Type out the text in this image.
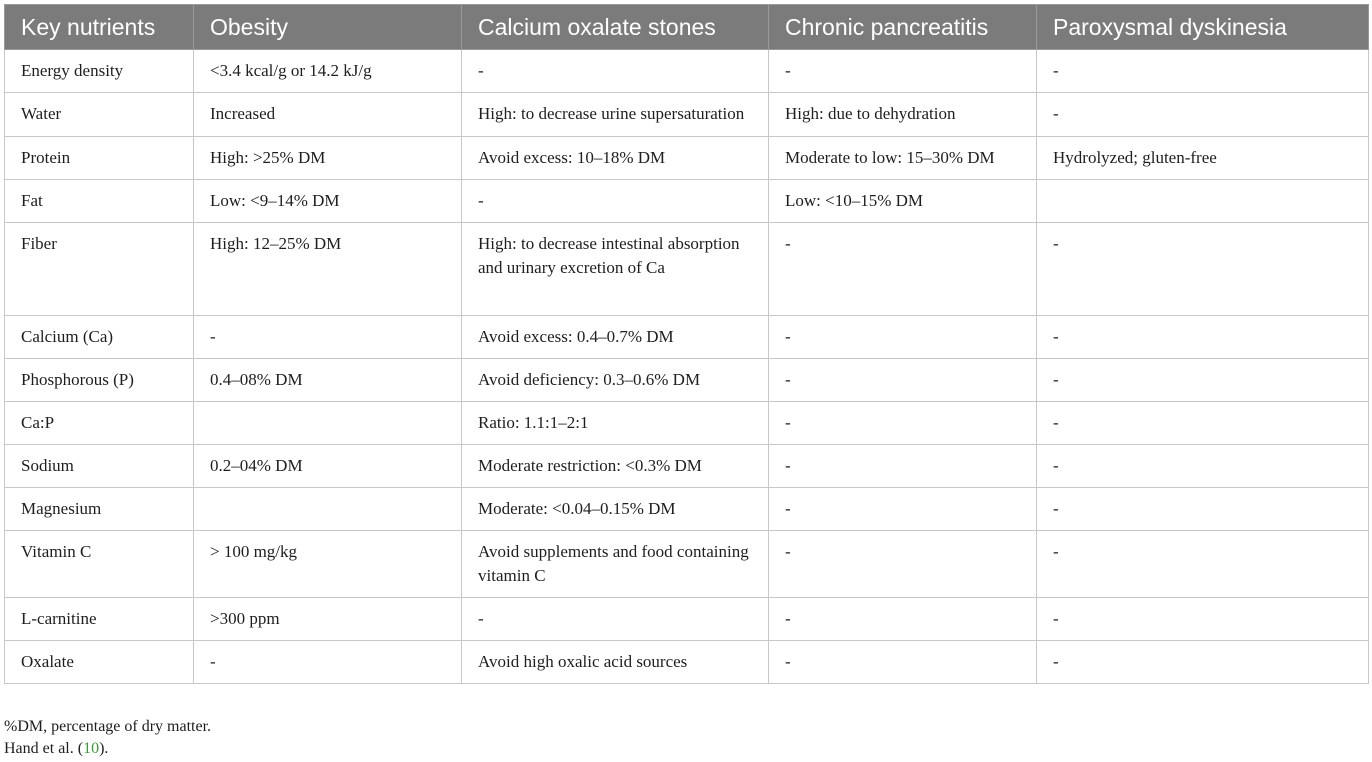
Key nutrients	Obesity	Calcium oxalate stones	Chronic pancreatitis	Paroxysmal dyskinesia
Energy density	<3.4 kcal/g or 14.2 kJ/g	-	-	-
Water	Increased	High: to decrease urine supersaturation	High: due to dehydration	-
Protein	High: >25% DM	Avoid excess: 10–18% DM	Moderate to low: 15–30% DM	Hydrolyzed; gluten-free
Fat	Low: <9–14% DM	-	Low: <10–15% DM	
Fiber	High: 12–25% DM	High: to decrease intestinal absorption and urinary excretion of Ca	-	-
Calcium (Ca)	-	Avoid excess: 0.4–0.7% DM	-	-
Phosphorous (P)	0.4–08% DM	Avoid deficiency: 0.3–0.6% DM	-	-
Ca:P		Ratio: 1.1:1–2:1	-	-
Sodium	0.2–04% DM	Moderate restriction: <0.3% DM	-	-
Magnesium		Moderate: <0.04–0.15% DM	-	-
Vitamin C	> 100 mg/kg	Avoid supplements and food containing vitamin C	-	-
L-carnitine	>300 ppm	-	-	-
Oxalate	-	Avoid high oxalic acid sources	-	-
%DM, percentage of dry matter.
Hand et al. (10).
